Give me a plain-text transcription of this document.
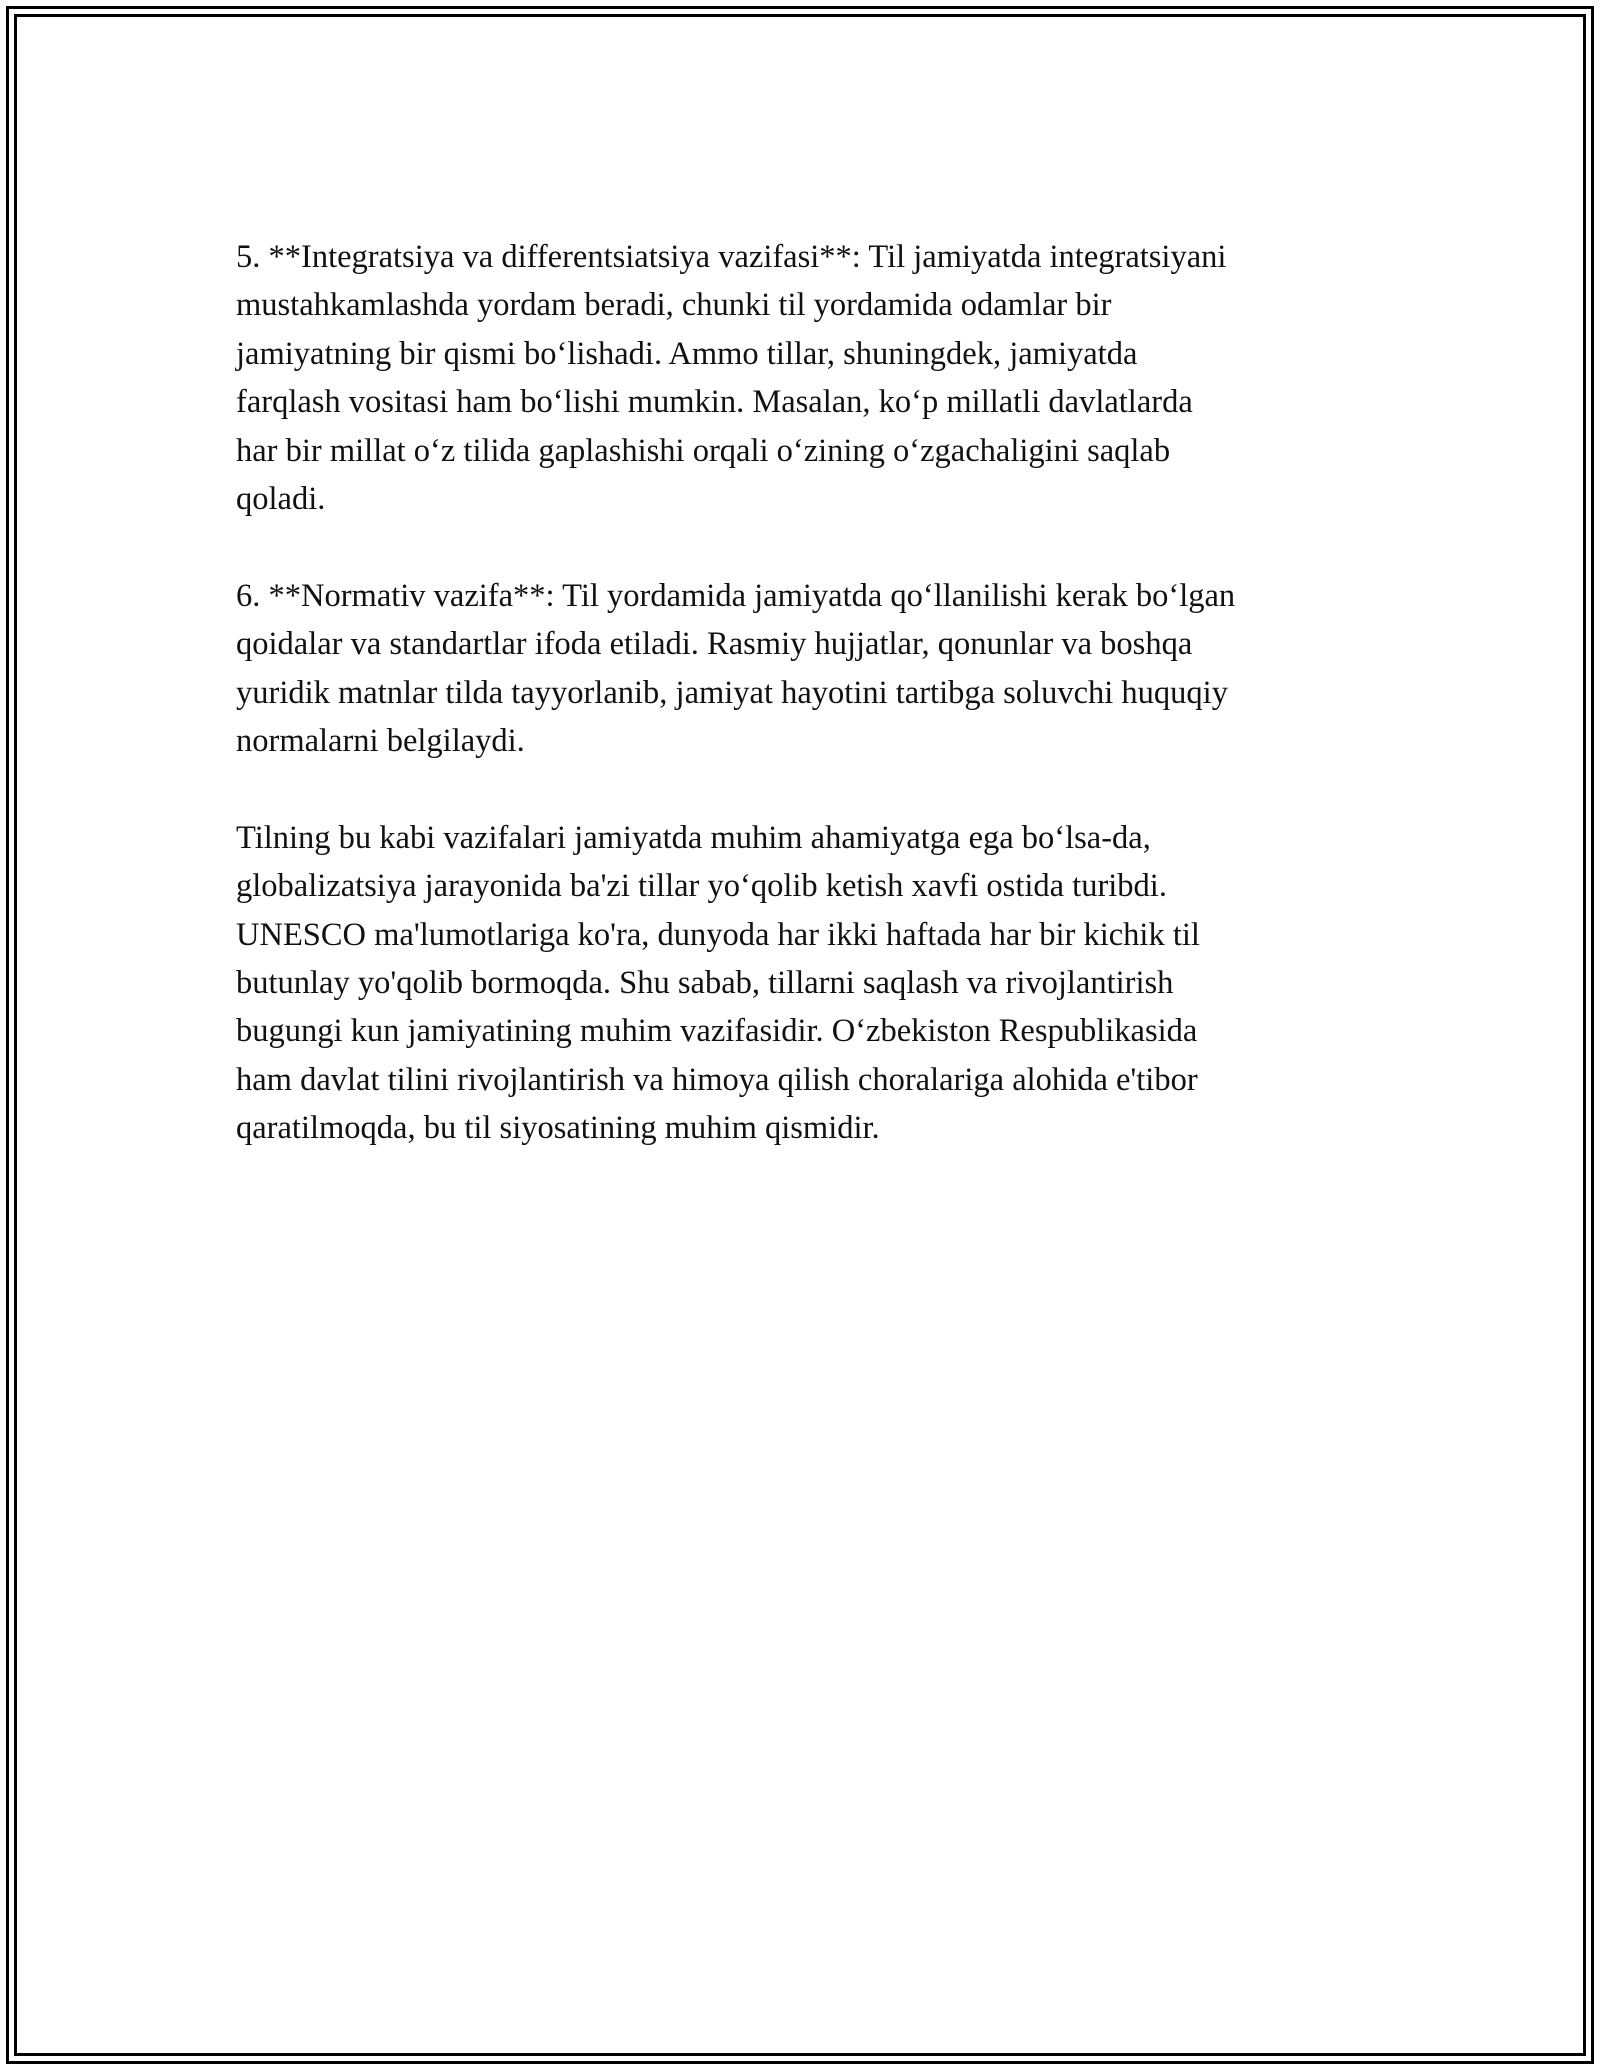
5. **Integratsiya va differentsiatsiya vazifasi**: Til jamiyatda integratsiyani
mustahkamlashda yordam beradi, chunki til yordamida odamlar bir
jamiyatning bir qismi bo‘lishadi. Ammo tillar, shuningdek, jamiyatda
farqlash vositasi ham bo‘lishi mumkin. Masalan, ko‘p millatli davlatlarda
har bir millat o‘z tilida gaplashishi orqali o‘zining o‘zgachaligini saqlab
qoladi.

6. **Normativ vazifa**: Til yordamida jamiyatda qo‘llanilishi kerak bo‘lgan
qoidalar va standartlar ifoda etiladi. Rasmiy hujjatlar, qonunlar va boshqa
yuridik matnlar tilda tayyorlanib, jamiyat hayotini tartibga soluvchi huquqiy
normalarni belgilaydi.

Tilning bu kabi vazifalari jamiyatda muhim ahamiyatga ega bo‘lsa-da,
globalizatsiya jarayonida ba'zi tillar yo‘qolib ketish xavfi ostida turibdi.
UNESCO ma'lumotlariga ko'ra, dunyoda har ikki haftada har bir kichik til
butunlay yo'qolib bormoqda. Shu sabab, tillarni saqlash va rivojlantirish
bugungi kun jamiyatining muhim vazifasidir. O‘zbekiston Respublikasida
ham davlat tilini rivojlantirish va himoya qilish choralariga alohida e'tibor
qaratilmoqda, bu til siyosatining muhim qismidir.
